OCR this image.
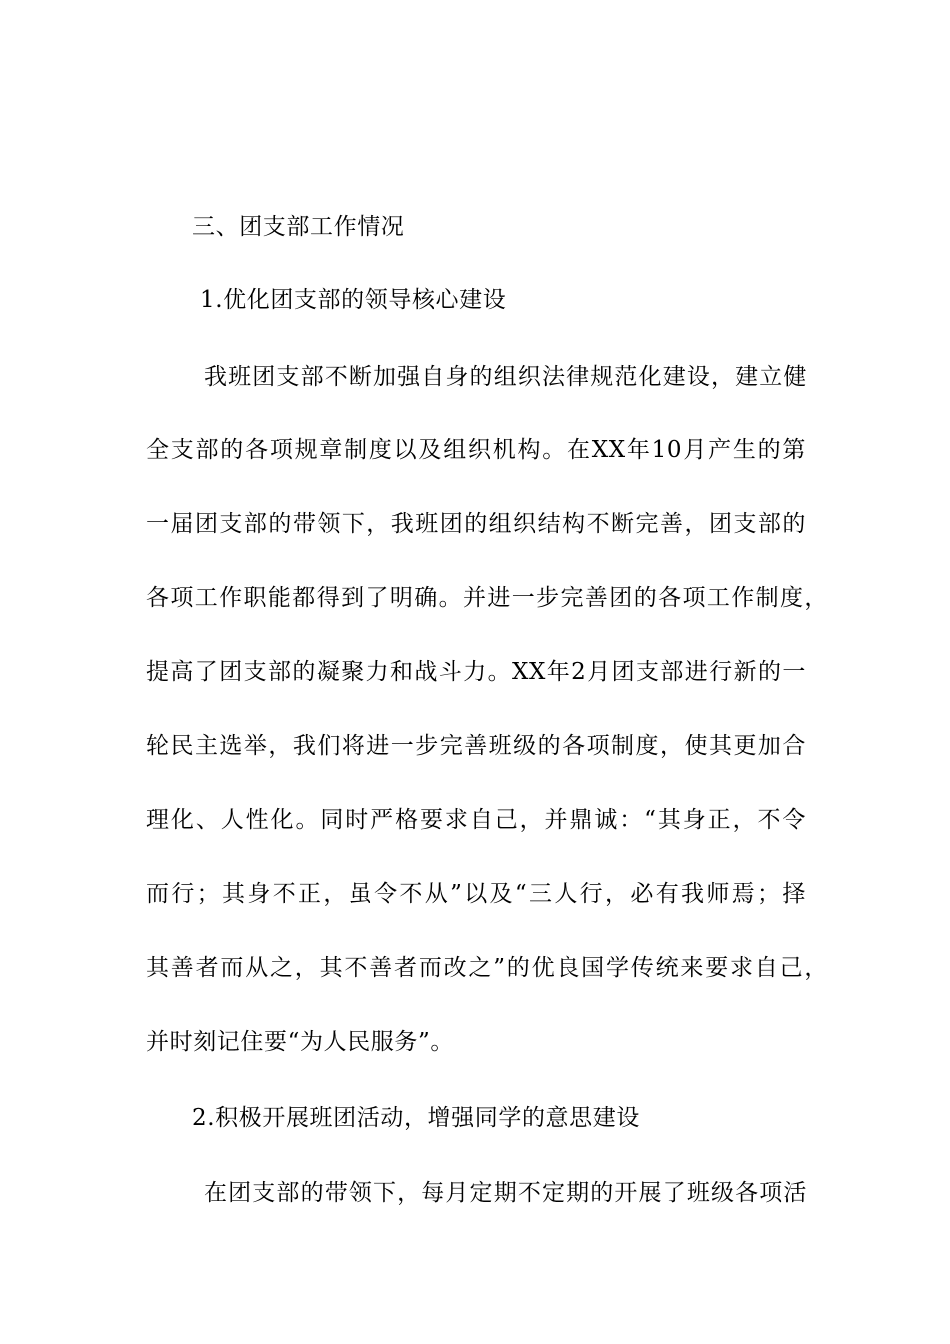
三、团支部工作情况
1.优化团支部的领导核心建设
我班团支部不断加强自身的组织法律规范化建设，建立健
全支部的各项规章制度以及组织机构。在XX年10月产生的第
一届团支部的带领下，我班团的组织结构不断完善，团支部的
各项工作职能都得到了明确。并进一步完善团的各项工作制度，
提高了团支部的凝聚力和战斗力。XX年2月团支部进行新的一
轮民主选举，我们将进一步完善班级的各项制度，使其更加合
理化、人性化。同时严格要求自己，并鼎诚：“其身正，不令
而行；其身不正，虽令不从”以及“三人行，必有我师焉；择
其善者而从之，其不善者而改之”的优良国学传统来要求自己，
并时刻记住要“为人民服务”。
2.积极开展班团活动，增强同学的意思建设
在团支部的带领下，每月定期不定期的开展了班级各项活
